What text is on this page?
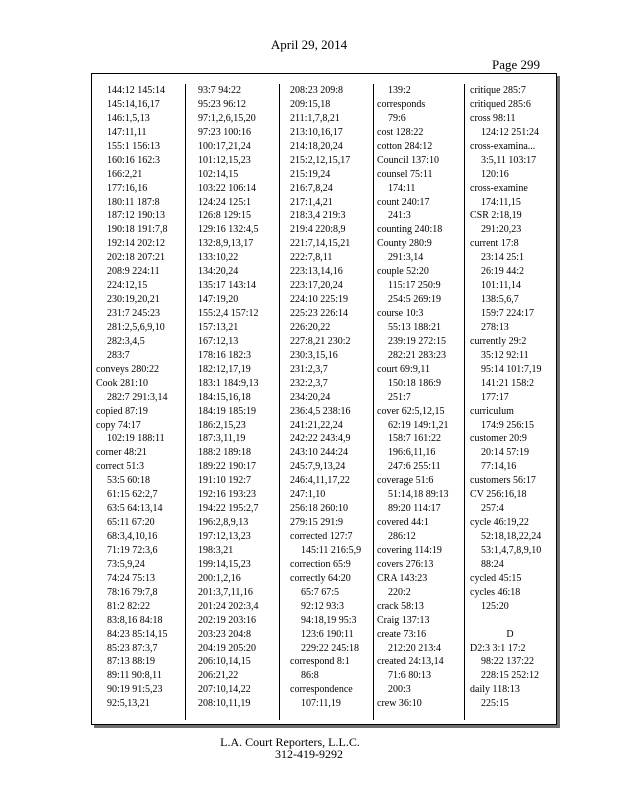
April 29, 2014
Page 299
144:12 145:14
145:14,16,17
146:1,5,13
147:11,11
155:1 156:13
160:16 162:3
166:2,21
177:16,16
180:11 187:8
187:12 190:13
190:18 191:7,8
192:14 202:12
202:18 207:21
208:9 224:11
224:12,15
230:19,20,21
231:7 245:23
281:2,5,6,9,10
282:3,4,5
283:7
conveys 280:22
Cook 281:10
282:7 291:3,14
copied 87:19
copy 74:17
102:19 188:11
corner 48:21
correct 51:3
53:5 60:18
61:15 62:2,7
63:5 64:13,14
65:11 67:20
68:3,4,10,16
71:19 72:3,6
73:5,9,24
74:24 75:13
78:16 79:7,8
81:2 82:22
83:8,16 84:18
84:23 85:14,15
85:23 87:3,7
87:13 88:19
89:11 90:8,11
90:19 91:5,23
92:5,13,21
93:7 94:22
95:23 96:12
97:1,2,6,15,20
97:23 100:16
100:17,21,24
101:12,15,23
102:14,15
103:22 106:14
124:24 125:1
126:8 129:15
129:16 132:4,5
132:8,9,13,17
133:10,22
134:20,24
135:17 143:14
147:19,20
155:2,4 157:12
157:13,21
167:12,13
178:16 182:3
182:12,17,19
183:1 184:9,13
184:15,16,18
184:19 185:19
186:2,15,23
187:3,11,19
188:2 189:18
189:22 190:17
191:10 192:7
192:16 193:23
194:22 195:2,7
196:2,8,9,13
197:12,13,23
198:3,21
199:14,15,23
200:1,2,16
201:3,7,11,16
201:24 202:3,4
202:19 203:16
203:23 204:8
204:19 205:20
206:10,14,15
206:21,22
207:10,14,22
208:10,11,19
208:23 209:8
209:15,18
211:1,7,8,21
213:10,16,17
214:18,20,24
215:2,12,15,17
215:19,24
216:7,8,24
217:1,4,21
218:3,4 219:3
219:4 220:8,9
221:7,14,15,21
222:7,8,11
223:13,14,16
223:17,20,24
224:10 225:19
225:23 226:14
226:20,22
227:8,21 230:2
230:3,15,16
231:2,3,7
232:2,3,7
234:20,24
236:4,5 238:16
241:21,22,24
242:22 243:4,9
243:10 244:24
245:7,9,13,24
246:4,11,17,22
247:1,10
256:18 260:10
279:15 291:9
corrected 127:7
145:11 216:5,9
correction 65:9
correctly 64:20
65:7 67:5
92:12 93:3
94:18,19 95:3
123:6 190:11
229:22 245:18
correspond 8:1
86:8
correspondence
107:11,19
139:2
corresponds
79:6
cost 128:22
cotton 284:12
Council 137:10
counsel 75:11
174:11
count 240:17
241:3
counting 240:18
County 280:9
291:3,14
couple 52:20
115:17 250:9
254:5 269:19
course 10:3
55:13 188:21
239:19 272:15
282:21 283:23
court 69:9,11
150:18 186:9
251:7
cover 62:5,12,15
62:19 149:1,21
158:7 161:22
196:6,11,16
247:6 255:11
coverage 51:6
51:14,18 89:13
89:20 114:17
covered 44:1
286:12
covering 114:19
covers 276:13
CRA 143:23
220:2
crack 58:13
Craig 137:13
create 73:16
212:20 213:4
created 24:13,14
71:6 80:13
200:3
crew 36:10
critique 285:7
critiqued 285:6
cross 98:11
124:12 251:24
cross-examina...
3:5,11 103:17
120:16
cross-examine
174:11,15
CSR 2:18,19
291:20,23
current 17:8
23:14 25:1
26:19 44:2
101:11,14
138:5,6,7
159:7 224:17
278:13
currently 29:2
35:12 92:11
95:14 101:7,19
141:21 158:2
177:17
curriculum
174:9 256:15
customer 20:9
20:14 57:19
77:14,16
customers 56:17
CV 256:16,18
257:4
cycle 46:19,22
52:18,18,22,24
53:1,4,7,8,9,10
88:24
cycled 45:15
cycles 46:18
125:20
D
D2:3 3:1 17:2
98:22 137:22
228:15 252:12
daily 118:13
225:15
L.A. Court Reporters, L.L.C.
312-419-9292
